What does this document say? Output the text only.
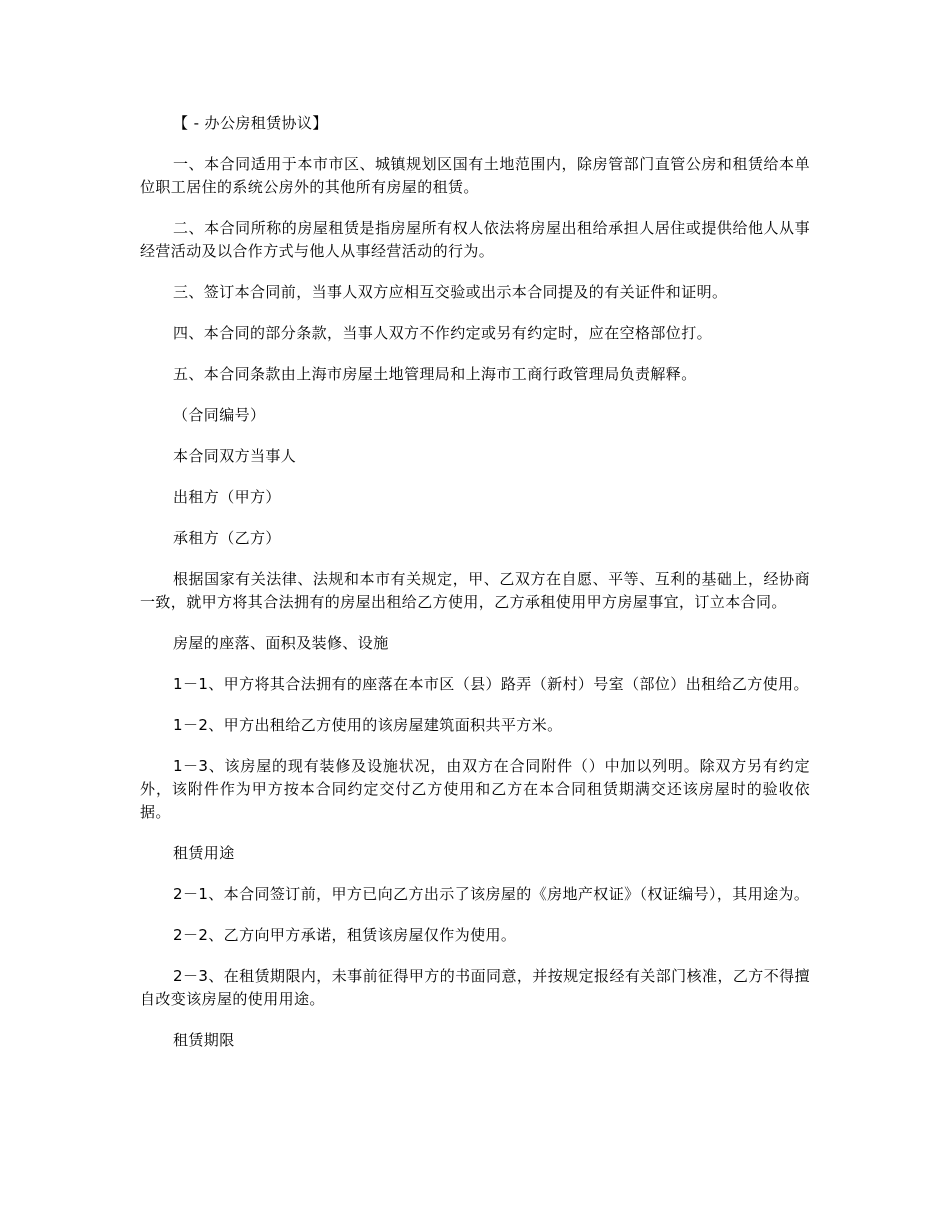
【 - 办公房租赁协议】

一、本合同适用于本市市区、城镇规划区国有土地范围内，除房管部门直管公房和租赁给本单位职工居住的系统公房外的其他所有房屋的租赁。

二、本合同所称的房屋租赁是指房屋所有权人依法将房屋出租给承担人居住或提供给他人从事经营活动及以合作方式与他人从事经营活动的行为。

三、签订本合同前，当事人双方应相互交验或出示本合同提及的有关证件和证明。

四、本合同的部分条款，当事人双方不作约定或另有约定时，应在空格部位打。

五、本合同条款由上海市房屋土地管理局和上海市工商行政管理局负责解释。

（合同编号）

本合同双方当事人

出租方（甲方）

承租方（乙方）

根据国家有关法律、法规和本市有关规定，甲、乙双方在自愿、平等、互利的基础上，经协商一致，就甲方将其合法拥有的房屋出租给乙方使用，乙方承租使用甲方房屋事宜，订立本合同。

房屋的座落、面积及装修、设施

1－1、甲方将其合法拥有的座落在本市区（县）路弄（新村）号室（部位）出租给乙方使用。

1－2、甲方出租给乙方使用的该房屋建筑面积共平方米。

1－3、该房屋的现有装修及设施状况，由双方在合同附件（）中加以列明。除双方另有约定外，该附件作为甲方按本合同约定交付乙方使用和乙方在本合同租赁期满交还该房屋时的验收依据。

租赁用途

2－1、本合同签订前，甲方已向乙方出示了该房屋的《房地产权证》（权证编号），其用途为。

2－2、乙方向甲方承诺，租赁该房屋仅作为使用。

2－3、在租赁期限内，未事前征得甲方的书面同意，并按规定报经有关部门核准，乙方不得擅自改变该房屋的使用用途。

租赁期限
